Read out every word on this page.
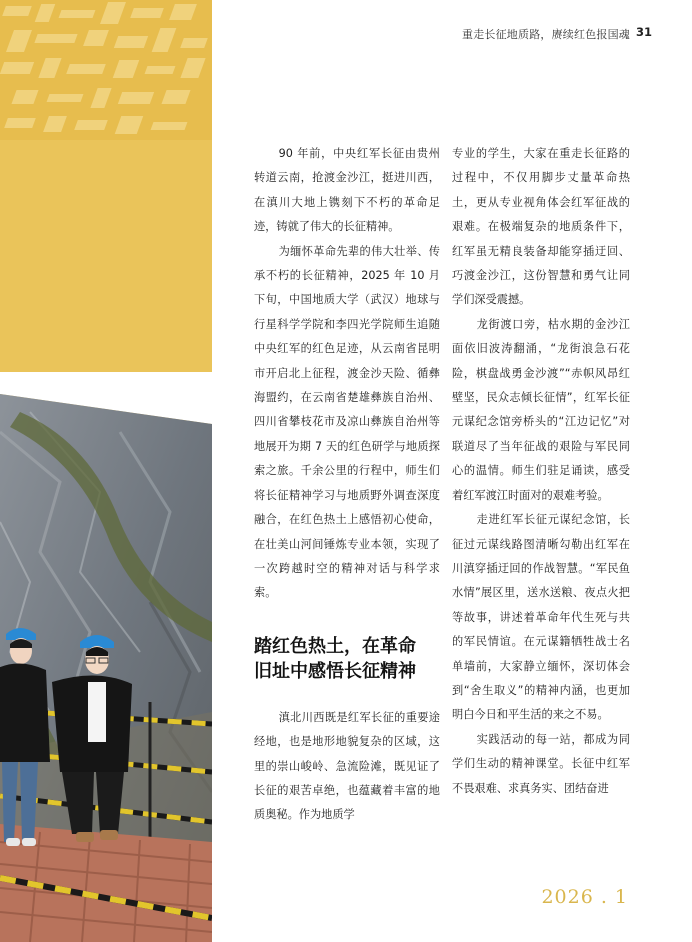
重走长征地质路，赓续红色报国魂 31

90 年前，中央红军长征由贵州转道云南，抢渡金沙江，挺进川西，在滇川大地上镌刻下不朽的革命足迹，铸就了伟大的长征精神。

为缅怀革命先辈的伟大壮举、传承不朽的长征精神，2025 年 10 月下旬，中国地质大学（武汉）地球与行星科学学院和李四光学院师生追随中央红军的红色足迹，从云南省昆明市开启北上征程，渡金沙天险、循彝海盟约，在云南省楚雄彝族自治州、四川省攀枝花市及凉山彝族自治州等地展开为期 7 天的红色研学与地质探索之旅。千余公里的行程中，师生们将长征精神学习与地质野外调查深度融合，在红色热土上感悟初心使命，在壮美山河间锤炼专业本领，实现了一次跨越时空的精神对话与科学求索。

踏红色热土，在革命
旧址中感悟长征精神

滇北川西既是红军长征的重要途经地，也是地形地貌复杂的区域，这里的崇山峻岭、急流险滩，既见证了长征的艰苦卓绝，也蕴藏着丰富的地质奥秘。作为地质学

专业的学生，大家在重走长征路的过程中，不仅用脚步丈量革命热土，更从专业视角体会红军征战的艰难。在极端复杂的地质条件下，红军虽无精良装备却能穿插迂回、巧渡金沙江，这份智慧和勇气让同学们深受震撼。

龙街渡口旁，枯水期的金沙江面依旧波涛翻涌，“龙街浪急石花险，棋盘战勇金沙渡”“赤帜风昂红壁坚，民众志倾长征情”，红军长征元谋纪念馆旁桥头的“江边记忆”对联道尽了当年征战的艰险与军民同心的温情。师生们驻足诵读，感受着红军渡江时面对的艰难考验。

走进红军长征元谋纪念馆，长征过元谋线路图清晰勾勒出红军在川滇穿插迂回的作战智慧。“军民鱼水情”展区里，送水送粮、夜点火把等故事，讲述着革命年代生死与共的军民情谊。在元谋籍牺牲战士名单墙前，大家静立缅怀，深切体会到“舍生取义”的精神内涵，也更加明白今日和平生活的来之不易。

实践活动的每一站，都成为同学们生动的精神课堂。长征中红军不畏艰难、求真务实、团结奋进

2026 . 1
